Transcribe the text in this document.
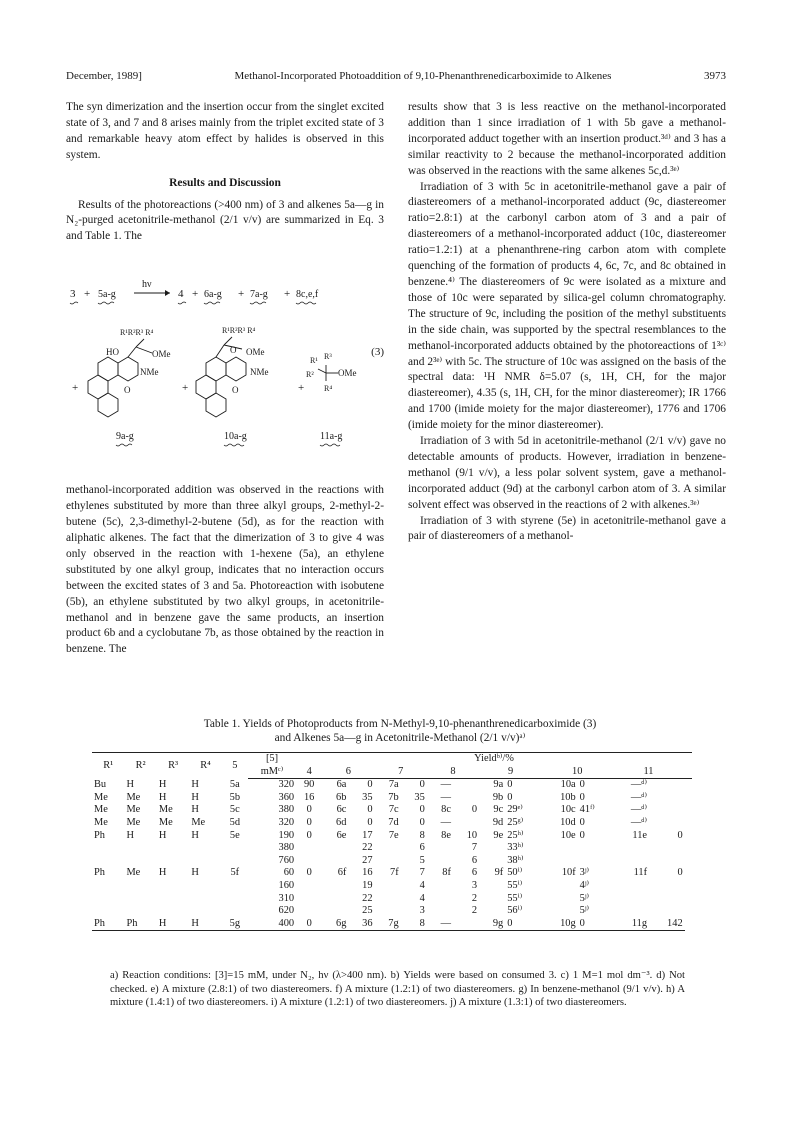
December, 1989]	Methanol-Incorporated Photoaddition of 9,10-Phenanthrenedicarboximide to Alkenes	3973

The syn dimerization and the insertion occur from the singlet excited state of 3, and 7 and 8 arises mainly from the triplet excited state of 3 and remarkable heavy atom effect by halides is observed in this system.

Results and Discussion

Results of the photoreactions (>400 nm) of 3 and alkenes 5a—g in N₂-purged acetonitrile-methanol (2/1 v/v) are summarized in Eq. 3 and Table 1. The

(3)
3 + 5a-g
hν
4 + 6a-g + 7a-g + 8c,e,f
+	+	+
R¹R²R³ R⁴
OMe
HO
NMe
O
9a-g
R¹R²R³ R⁴
OMe
O
NMe
O
10a-g
R¹
R²
R³
R⁴
OMe
11a-g

methanol-incorporated addition was observed in the reactions with ethylenes substituted by more than three alkyl groups, 2-methyl-2-butene (5c), 2,3-dimethyl-2-butene (5d), as for the reaction with aliphatic alkenes. The fact that the dimerization of 3 to give 4 was only observed in the reaction with 1-hexene (5a), an ethylene substituted by one alkyl group, indicates that no interaction occurs between the excited states of 3 and 5a. Photoreaction with isobutene (5b), an ethylene substituted by two alkyl groups, in acetonitrile-methanol and in benzene gave the same products, an insertion product 6b and a cyclobutane 7b, as those obtained by the reaction in benzene. The

results show that 3 is less reactive on the methanol-incorporated addition than 1 since irradiation of 1 with 5b gave a methanol-incorporated adduct together with an insertion product.³ᵈ⁾ and 3 has a similar reactivity to 2 because the methanol-incorporated addition was observed in the reactions with the same alkenes 5c,d.³ᵉ⁾

Irradiation of 3 with 5c in acetonitrile-methanol gave a pair of diastereomers of a methanol-incorporated adduct (9c, diastereomer ratio=2.8:1) at the carbonyl carbon atom of 3 and a pair of diastereomers of a methanol-incorporated adduct (10c, diastereomer ratio=1.2:1) at a phenanthrene-ring carbon atom with complete quenching of the formation of products 4, 6c, 7c, and 8c obtained in benzene.⁴⁾ The diastereomers of 9c were isolated as a mixture and those of 10c were separated by silica-gel column chromatography. The structure of 9c, including the position of the methyl substituents in the side chain, was supported by the spectral resemblances to the methanol-incorporated adducts obtained by the photoreactions of 1³ᶜ⁾ and 2³ᵉ⁾ with 5c. The structure of 10c was assigned on the basis of the spectral data: ¹H NMR δ=5.07 (s, 1H, CH, for the major diastereomer), 4.35 (s, 1H, CH, for the minor diastereomer); IR 1766 and 1700 (imide moiety for the major diastereomer), 1776 and 1706 (imide moiety for the minor diastereomer).

Irradiation of 3 with 5d in acetonitrile-methanol (2/1 v/v) gave no detectable amounts of products. However, irradiation in benzene-methanol (9/1 v/v), a less polar solvent system, gave a methanol-incorporated adduct (9d) at the carbonyl carbon atom of 3. A similar solvent effect was observed in the reactions of 2 with alkenes.³ᵉ⁾

Irradiation of 3 with styrene (5e) in acetonitrile-methanol gave a pair of diastereomers of a methanol-

Table 1. Yields of Photoproducts from N-Methyl-9,10-phenanthrenedicarboximide (3)
and Alkenes 5a—g in Acetonitrile-Methanol (2/1 v/v)ᵃ⁾
R¹	R²	R³	R⁴	5	[5]	Yieldᵇ⁾/%													
					mMᶜ⁾	4	6		7		8		9		10		11		
Bu	H	H	H	5a	320	90	6a	0	7a	0	—		9a	0	10a	0	—ᵈ⁾		
Me	Me	H	H	5b	360	16	6b	35	7b	35	—		9b	0	10b	0	—ᵈ⁾		
Me	Me	Me	H	5c	380	0	6c	0	7c	0	8c	0	9c	29ᵉ⁾	10c	41ᶠ⁾	—ᵈ⁾		
Me	Me	Me	Me	5d	320	0	6d	0	7d	0	—		9d	25ᵍ⁾	10d	0	—ᵈ⁾		
Ph	H	H	H	5e	190	0	6e	17	7e	8	8e	10	9e	25ʰ⁾	10e	0	11e	0	
					380			22		6		7		33ʰ⁾					
					760			27		5		6		38ʰ⁾					
Ph	Me	H	H	5f	60	0	6f	16	7f	7	8f	6	9f	50ⁱ⁾	10f	3ʲ⁾	11f	0	
					160			19		4		3		55ⁱ⁾		4ʲ⁾			
					310			22		4		2		55ⁱ⁾		5ʲ⁾			
					620			25		3		2		56ⁱ⁾		5ʲ⁾			
Ph	Ph	H	H	5g	400	0	6g	36	7g	8	—		9g	0	10g	0	11g	142	
a) Reaction conditions: [3]=15 mM, under N₂, hν (λ>400 nm). b) Yields were based on consumed 3. c) 1 M=1 mol dm⁻³. d) Not checked. e) A mixture (2.8:1) of two diastereomers. f) A mixture (1.2:1) of two diastereomers. g) In benzene-methanol (9/1 v/v). h) A mixture (1.4:1) of two diastereomers. i) A mixture (1.2:1) of two diastereomers. j) A mixture (1.3:1) of two diastereomers.
